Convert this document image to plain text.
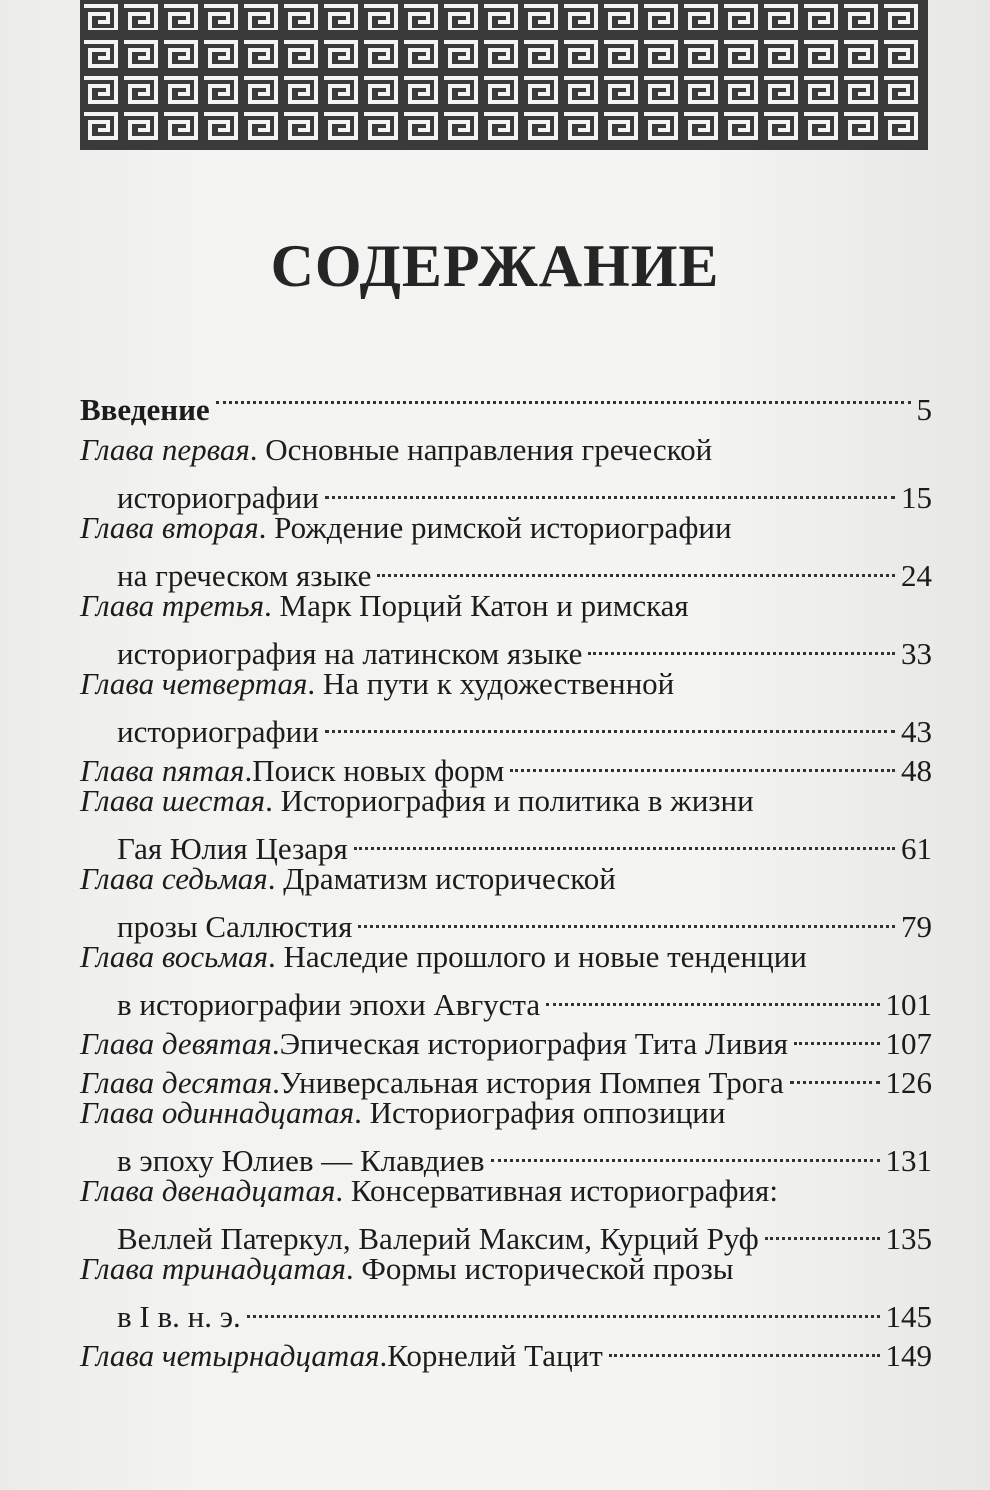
СОДЕРЖАНИЕ
Введение	5
Глава первая. Основные направления греческой
историографии	15
Глава вторая. Рождение римской историографии
на греческом языке	24
Глава третья. Марк Порций Катон и римская
историография на латинском языке	33
Глава четвертая. На пути к художественной
историографии	43
Глава пятая . Поиск новых форм	48
Глава шестая. Историография и политика в жизни
Гая Юлия Цезаря	61
Глава седьмая. Драматизм исторической
прозы Саллюстия	79
Глава восьмая. Наследие прошлого и новые тенденции
в историографии эпохи Августа	101
Глава девятая . Эпическая историография Тита Ливия	107
Глава десятая . Универсальная история Помпея Трога	126
Глава одиннадцатая. Историография оппозиции
в эпоху Юлиев — Клавдиев	131
Глава двенадцатая. Консервативная историография:
Веллей Патеркул, Валерий Максим, Курций Руф	135
Глава тринадцатая. Формы исторической прозы
в I в. н. э.	145
Глава четырнадцатая . Корнелий Тацит	149
